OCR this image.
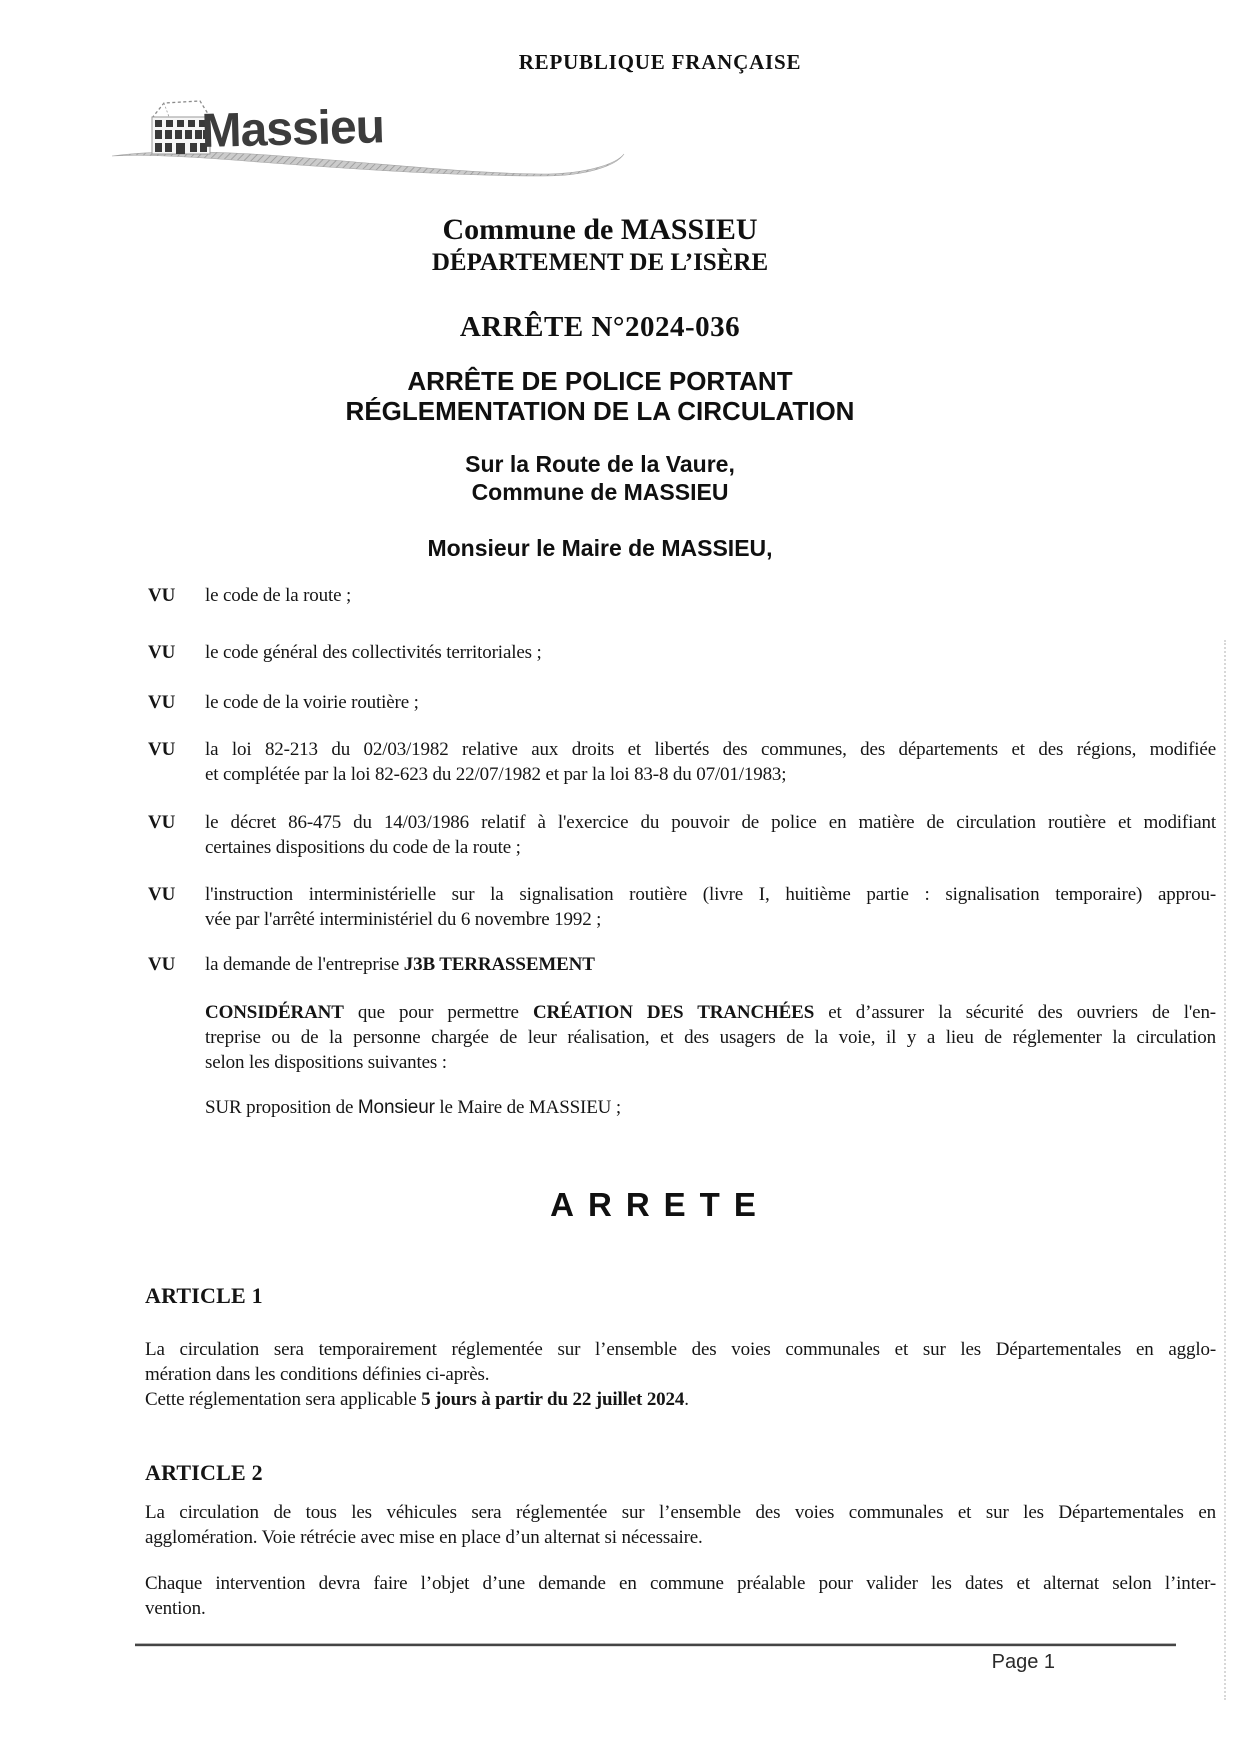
REPUBLIQUE FRANÇAISE
Massieu
Commune de MASSIEU
DÉPARTEMENT DE L’ISÈRE
ARRÊTE N°2024-036
ARRÊTE DE POLICE PORTANT
RÉGLEMENTATION DE LA CIRCULATION
Sur la Route de la Vaure,
Commune de MASSIEU
Monsieur le Maire de MASSIEU,
VU	le code de la route ;
VU	le code général des collectivités territoriales ;
VU	le code de la voirie routière ;
VU	la loi 82-213 du 02/03/1982 relative aux droits et libertés des communes, des départements et des régions, modifiée
et complétée par la loi 82-623 du 22/07/1982 et par la loi 83-8 du 07/01/1983;
VU	le décret 86-475 du 14/03/1986 relatif à l'exercice du pouvoir de police en matière de circulation routière et modifiant
certaines dispositions du code de la route ;
VU	l'instruction interministérielle sur la signalisation routière (livre I, huitième partie : signalisation temporaire) approu-
vée par l'arrêté interministériel du 6 novembre 1992 ;
VU	la demande de l'entreprise J3B TERRASSEMENT
CONSIDÉRANT que pour permettre CRÉATION DES TRANCHÉES et d’assurer la sécurité des ouvriers de l'en-
treprise ou de la personne chargée de leur réalisation, et des usagers de la voie, il y a lieu de réglementer la circulation
selon les dispositions suivantes :
SUR proposition de Monsieur le Maire de MASSIEU ;
ARRETE
ARTICLE 1
La circulation sera temporairement réglementée sur l’ensemble des voies communales et sur les Départementales en agglo-
mération dans les conditions définies ci-après.
Cette réglementation sera applicable 5 jours à partir du 22 juillet 2024.
ARTICLE 2
La circulation de tous les véhicules sera réglementée sur l’ensemble des voies communales et sur les Départementales en
agglomération. Voie rétrécie avec mise en place d’un alternat si nécessaire.
Chaque intervention devra faire l’objet d’une demande en commune préalable pour valider les dates et alternat selon l’inter-
vention.
Page 1
